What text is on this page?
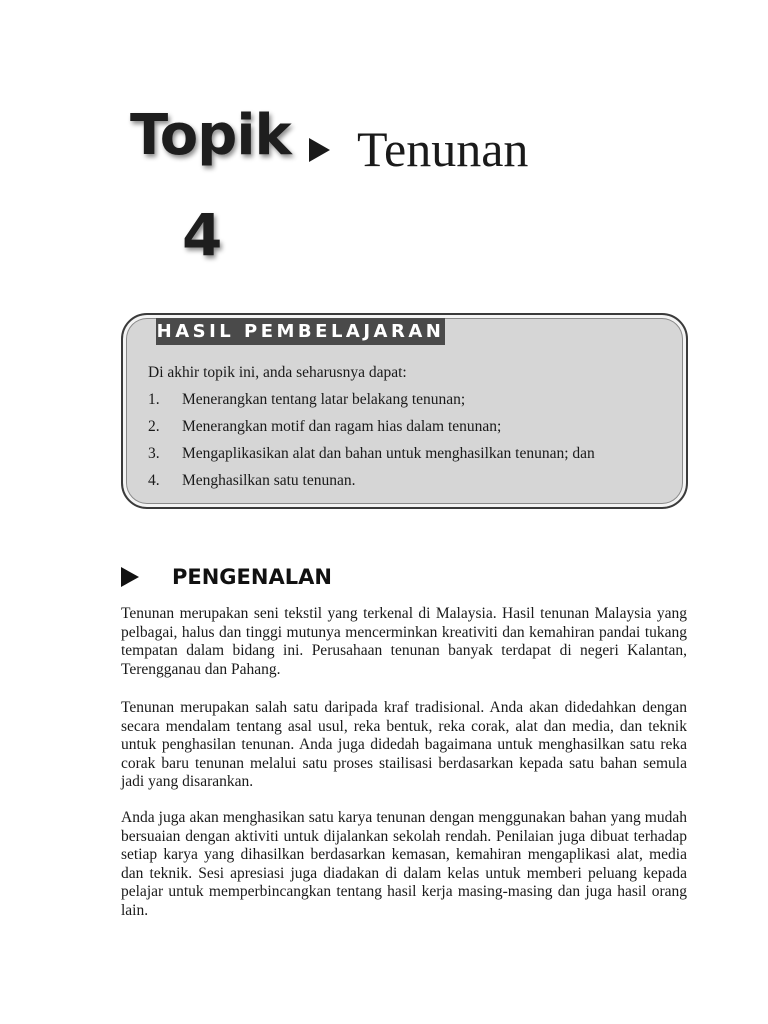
Topik
4
Tenunan
HASIL PEMBELAJARAN
Di akhir topik ini, anda seharusnya dapat:
1. Menerangkan tentang latar belakang tenunan;
2. Menerangkan motif dan ragam hias dalam tenunan;
3. Mengaplikasikan alat dan bahan untuk menghasilkan tenunan; dan
4. Menghasilkan satu tenunan.
PENGENALAN

Tenunan merupakan seni tekstil yang terkenal di Malaysia. Hasil tenunan Malaysia yang pelbagai, halus dan tinggi mutunya mencerminkan kreativiti dan kemahiran pandai tukang tempatan dalam bidang ini. Perusahaan tenunan banyak terdapat di negeri Kalantan, Terengganau dan Pahang.

Tenunan merupakan salah satu daripada kraf tradisional. Anda akan didedahkan dengan secara mendalam tentang asal usul, reka bentuk, reka corak, alat dan media, dan teknik untuk penghasilan tenunan. Anda juga didedah bagaimana untuk menghasilkan satu reka corak baru tenunan melalui satu proses stailisasi berdasarkan kepada satu bahan semula jadi yang disarankan.

Anda juga akan menghasikan satu karya tenunan dengan menggunakan bahan yang mudah bersuaian dengan aktiviti untuk dijalankan sekolah rendah. Penilaian juga dibuat terhadap setiap karya yang dihasilkan berdasarkan kemasan, kemahiran mengaplikasi alat, media dan teknik. Sesi apresiasi juga diadakan di dalam kelas untuk memberi peluang kepada pelajar untuk memperbincangkan tentang hasil kerja masing-masing dan juga hasil orang lain.
